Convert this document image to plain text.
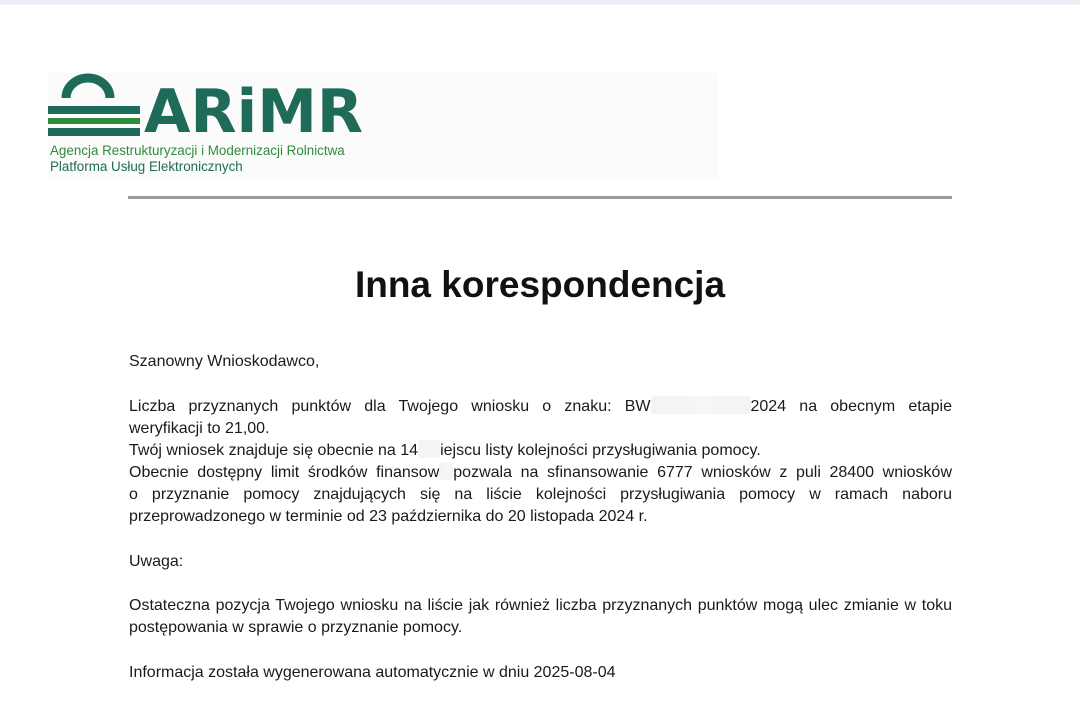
ARiMR
Agencja Restrukturyzacji i Modernizacji Rolnictwa
Platforma Usług Elektronicznych
Inna korespondencja
Szanowny Wnioskodawco,
Liczba przyznanych punktów dla Twojego wniosku o znaku: BW	2024 na obecnym etapie
weryfikacji to 21,00.
Twój wniosek znajduje się obecnie na 14 iejscu listy kolejności przysługiwania pomocy.
Obecnie dostępny limit środków finansow pozwala na sfinansowanie 6777 wniosków z puli 28400 wniosków
o przyznanie pomocy znajdujących się na liście kolejności przysługiwania pomocy w ramach naboru przeprowadzonego w terminie od 23 października do 20 listopada 2024 r.
Uwaga:
Ostateczna pozycja Twojego wniosku na liście jak również liczba przyznanych punktów mogą ulec zmianie w toku postępowania w sprawie o przyznanie pomocy.
Informacja została wygenerowana automatycznie w dniu 2025-08-04
